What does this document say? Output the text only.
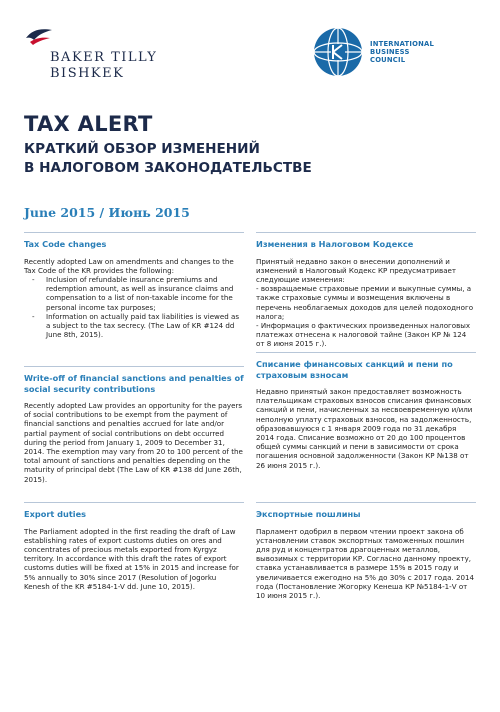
BAKER TILLY
BISHKEK
INTERNATIONAL
BUSINESS
COUNCIL
TAX ALERT
КРАТКИЙ ОБЗОР ИЗМЕНЕНИЙ
В НАЛОГОВОМ ЗАКОНОДАТЕЛЬСТВЕ
June 2015 / Июнь 2015
Tax Code changes

Recently adopted Law on amendments and changes to the Tax Code of the KR provides the following:

- Inclusion of refundable insurance premiums and redemption amount, as well as insurance claims and compensation to a list of non-taxable income for the personal income tax purposes;
- Information on actually paid tax liabilities is viewed as a subject to the tax secrecy. (The Law of KR #124 dd June 8th, 2015).
Write-off of financial sanctions and penalties of social security contributions

Recently adopted Law provides an opportunity for the payers of social contributions to be exempt from the payment of financial sanctions and penalties accrued for late and/or partial payment of social contributions on debt occurred during the period from January 1, 2009 to December 31, 2014. The exemption may vary from 20 to 100 percent of the total amount of sanctions and penalties depending on the maturity of principal debt (The Law of KR #138 dd June 26th, 2015).

Export duties

The Parliament adopted in the first reading the draft of Law establishing rates of export customs duties on ores and concentrates of precious metals exported from Kyrgyz territory. In accordance with this draft the rates of export customs duties will be fixed at 15% in 2015 and increase for 5% annually to 30% since 2017 (Resolution of Jogorku Kenesh of the KR #5184-1-V dd. June 10, 2015).

Изменения в Налоговом Кодексе

Принятый недавно закон о внесении дополнений и изменений в Налоговый Кодекс КР предусматривает следующие изменения:

- возвращаемые страховые премии и выкупные суммы, а также страховые суммы и возмещения включены в перечень необлагаемых доходов для целей подоходного налога;

- Информация о фактических произведенных налоговых платежах отнесена к налоговой тайне (Закон КР № 124 от 8 июня 2015 г.).

Списание финансовых санкций и пени по страховым взносам

Недавно принятый закон предоставляет возможность плательщикам страховых взносов списания финансовых санкций и пени, начисленных за несвоевременную и/или неполную уплату страховых взносов, на задолженность, образовавшуюся с 1 января 2009 года по 31 декабря 2014 года. Списание возможно от 20 до 100 процентов общей суммы санкций и пени в зависимости от срока погашения основной задолженности (Закон КР №138 от 26 июня 2015 г.).

Экспортные пошлины

Парламент одобрил в первом чтении проект закона об установлении ставок экспортных таможенных пошлин для руд и концентратов драгоценных металлов, вывозимых с территории КР. Согласно данному проекту, ставка устанавливается в размере 15% в 2015 году и увеличивается ежегодно на 5% до 30% с 2017 года. 2014 года (Постановление Жогорку Кенеша КР №5184-1-V от 10 июня 2015 г.).
